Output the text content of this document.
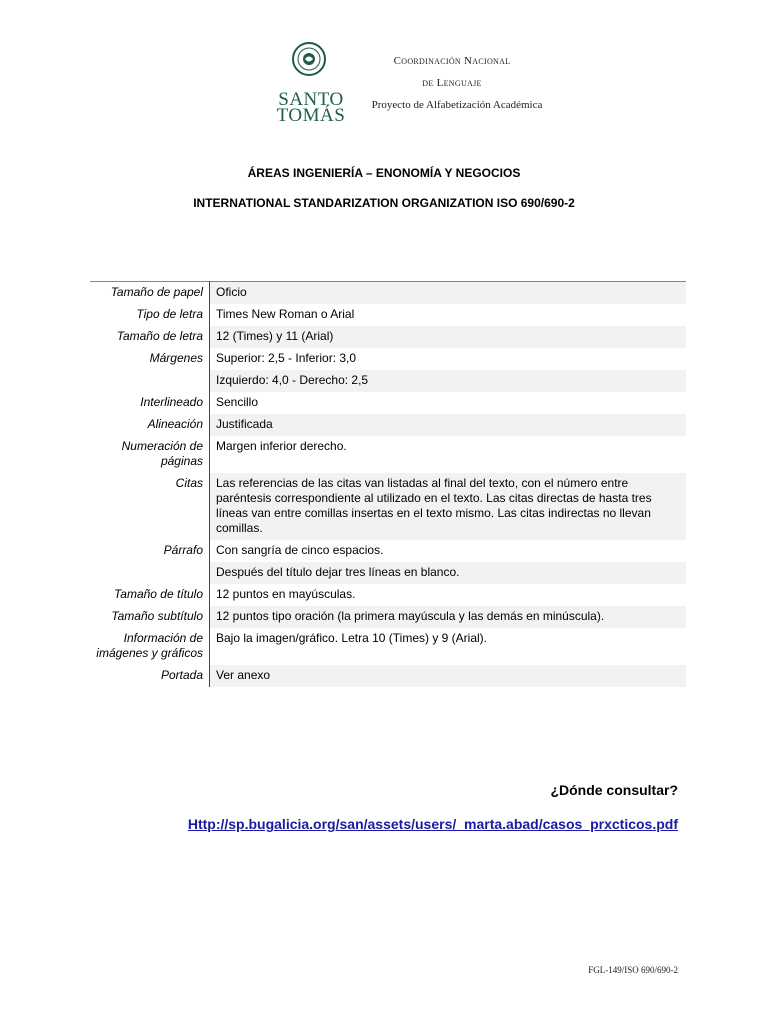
SANTO
TOMÁS
Coordinación Nacional
de Lenguaje
Proyecto de Alfabetización Académica
ÁREAS INGENIERÍA – ENONOMÍA Y NEGOCIOS
INTERNATIONAL STANDARIZATION ORGANIZATION ISO 690/690-2
Tamaño de papel	Oficio
Tipo de letra	Times New Roman o Arial
Tamaño de letra	12 (Times) y 11 (Arial)
Márgenes	Superior: 2,5 - Inferior: 3,0
	Izquierdo: 4,0 - Derecho: 2,5
Interlineado	Sencillo
Alineación	Justificada
Numeración de páginas	Margen inferior derecho.
Citas	Las referencias de las citas van listadas al final del texto, con el número entre paréntesis correspondiente al utilizado en el texto. Las citas directas de hasta tres líneas van entre comillas insertas en el texto mismo. Las citas indirectas no llevan comillas.
Párrafo	Con sangría de cinco espacios.
	Después del título dejar tres líneas en blanco.
Tamaño de título	12 puntos en mayúsculas.
Tamaño subtítulo	12 puntos tipo oración (la primera mayúscula y las demás en minúscula).
Información de imágenes y gráficos	Bajo la imagen/gráfico. Letra 10 (Times) y 9 (Arial).
Portada	Ver anexo
¿Dónde consultar?
Http://sp.bugalicia.org/san/assets/users/_marta.abad/casos_prxcticos.pdf
FGL-149/ISO 690/690-2
